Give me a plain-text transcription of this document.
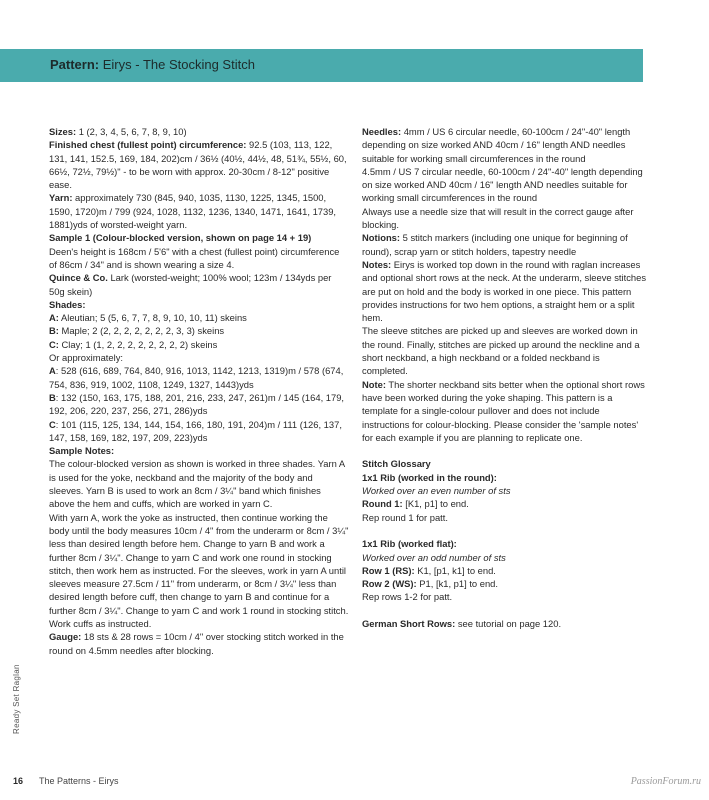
Pattern: Eirys - The Stocking Stitch

Sizes: 1 (2, 3, 4, 5, 6, 7, 8, 9, 10)

Finished chest (fullest point) circumference: 92.5 (103, 113, 122, 131, 141, 152.5, 169, 184, 202)cm / 36½ (40½, 44½, 48, 51¾, 55½, 60, 66½, 72½, 79½)" - to be worn with approx. 20-30cm / 8-12" positive ease.

Yarn: approximately 730 (845, 940, 1035, 1130, 1225, 1345, 1500, 1590, 1720)m / 799 (924, 1028, 1132, 1236, 1340, 1471, 1641, 1739, 1881)yds of worsted-weight yarn.

Sample 1 (Colour-blocked version, shown on page 14 + 19)

Deen's height is 168cm / 5'6" with a chest (fullest point) circumference of 86cm / 34" and is shown wearing a size 4.

Quince & Co. Lark (worsted-weight; 100% wool; 123m / 134yds per 50g skein)

Shades:

A: Aleutian; 5 (5, 6, 7, 7, 8, 9, 10, 10, 11) skeins

B: Maple; 2 (2, 2, 2, 2, 2, 2, 2, 3, 3) skeins

C: Clay; 1 (1, 2, 2, 2, 2, 2, 2, 2, 2) skeins

Or approximately:

A: 528 (616, 689, 764, 840, 916, 1013, 1142, 1213, 1319)m / 578 (674, 754, 836, 919, 1002, 1108, 1249, 1327, 1443)yds

B: 132 (150, 163, 175, 188, 201, 216, 233, 247, 261)m / 145 (164, 179, 192, 206, 220, 237, 256, 271, 286)yds

C: 101 (115, 125, 134, 144, 154, 166, 180, 191, 204)m / 111 (126, 137, 147, 158, 169, 182, 197, 209, 223)yds

Sample Notes:

The colour-blocked version as shown is worked in three shades. Yarn A is used for the yoke, neckband and the majority of the body and sleeves. Yarn B is used to work an 8cm / 3¼" band which finishes above the hem and cuffs, which are worked in yarn C.

With yarn A, work the yoke as instructed, then continue working the body until the body measures 10cm / 4" from the underarm or 8cm / 3¼" less than desired length before hem. Change to yarn B and work a further 8cm / 3¼". Change to yarn C and work one round in stocking stitch, then work hem as instructed. For the sleeves, work in yarn A until sleeves measure 27.5cm / 11" from underarm, or 8cm / 3¼" less than desired length before cuff, then change to yarn B and continue for a further 8cm / 3¼". Change to yarn C and work 1 round in stocking stitch. Work cuffs as instructed.

Gauge: 18 sts & 28 rows = 10cm / 4" over stocking stitch worked in the round on 4.5mm needles after blocking.

Needles: 4mm / US 6 circular needle, 60-100cm / 24"-40" length depending on size worked AND 40cm / 16" length AND needles suitable for working small circumferences in the round

4.5mm / US 7 circular needle, 60-100cm / 24"-40" length depending on size worked AND 40cm / 16" length AND needles suitable for working small circumferences in the round

Always use a needle size that will result in the correct gauge after blocking.

Notions: 5 stitch markers (including one unique for beginning of round), scrap yarn or stitch holders, tapestry needle

Notes: Eirys is worked top down in the round with raglan increases and optional short rows at the neck. At the underarm, sleeve stitches are put on hold and the body is worked in one piece. This pattern provides instructions for two hem options, a straight hem or a split hem.

The sleeve stitches are picked up and sleeves are worked down in the round. Finally, stitches are picked up around the neckline and a short neckband, a high neckband or a folded neckband is completed.

Note: The shorter neckband sits better when the optional short rows have been worked during the yoke shaping. This pattern is a template for a single-colour pullover and does not include instructions for colour-blocking. Please consider the 'sample notes' for each example if you are planning to replicate one.

Stitch Glossary

1x1 Rib (worked in the round):

Worked over an even number of sts

Round 1: [K1, p1] to end.

Rep round 1 for patt.

1x1 Rib (worked flat):

Worked over an odd number of sts

Row 1 (RS): K1, [p1, k1] to end.

Row 2 (WS): P1, [k1, p1] to end.

Rep rows 1-2 for patt.

German Short Rows: see tutorial on page 120.

Ready Set Raglan
16 The Patterns - Eirys	PassionForum.ru
